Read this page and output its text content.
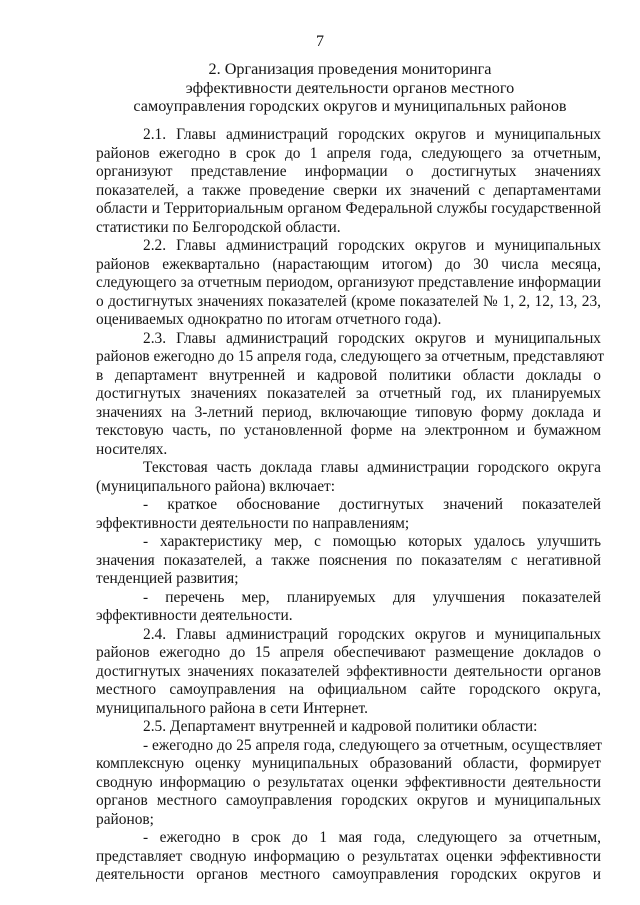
7
2. Организация проведения мониторинга
эффективности деятельности органов местного
самоуправления городских округов и муниципальных районов

2.1. Главы администраций городских округов и муниципальных
районов ежегодно в срок до 1 апреля года, следующего за отчетным,
организуют представление информации о достигнутых значениях
показателей, а также проведение сверки их значений с департаментами
области и Территориальным органом Федеральной службы государственной
статистики по Белгородской области.

2.2. Главы администраций городских округов и муниципальных
районов ежеквартально (нарастающим итогом) до 30 числа месяца,
следующего за отчетным периодом, организуют представление информации
о достигнутых значениях показателей (кроме показателей № 1, 2, 12, 13, 23,
оцениваемых однократно по итогам отчетного года).

2.3. Главы администраций городских округов и муниципальных
районов ежегодно до 15 апреля года, следующего за отчетным, представляют
в департамент внутренней и кадровой политики области доклады о
достигнутых значениях показателей за отчетный год, их планируемых
значениях на 3-летний период, включающие типовую форму доклада и
текстовую часть, по установленной форме на электронном и бумажном
носителях.

Текстовая часть доклада главы администрации городского округа
(муниципального района) включает:

- краткое обоснование достигнутых значений показателей
эффективности деятельности по направлениям;

- характеристику мер, с помощью которых удалось улучшить
значения показателей, а также пояснения по показателям с негативной
тенденцией развития;

- перечень мер, планируемых для улучшения показателей
эффективности деятельности.

2.4. Главы администраций городских округов и муниципальных
районов ежегодно до 15 апреля обеспечивают размещение докладов о
достигнутых значениях показателей эффективности деятельности органов
местного самоуправления на официальном сайте городского округа,
муниципального района в сети Интернет.

2.5. Департамент внутренней и кадровой политики области:

- ежегодно до 25 апреля года, следующего за отчетным, осуществляет
комплексную оценку муниципальных образований области, формирует
сводную информацию о результатах оценки эффективности деятельности
органов местного самоуправления городских округов и муниципальных
районов;

- ежегодно в срок до 1 мая года, следующего за отчетным,
представляет сводную информацию о результатах оценки эффективности
деятельности органов местного самоуправления городских округов и
